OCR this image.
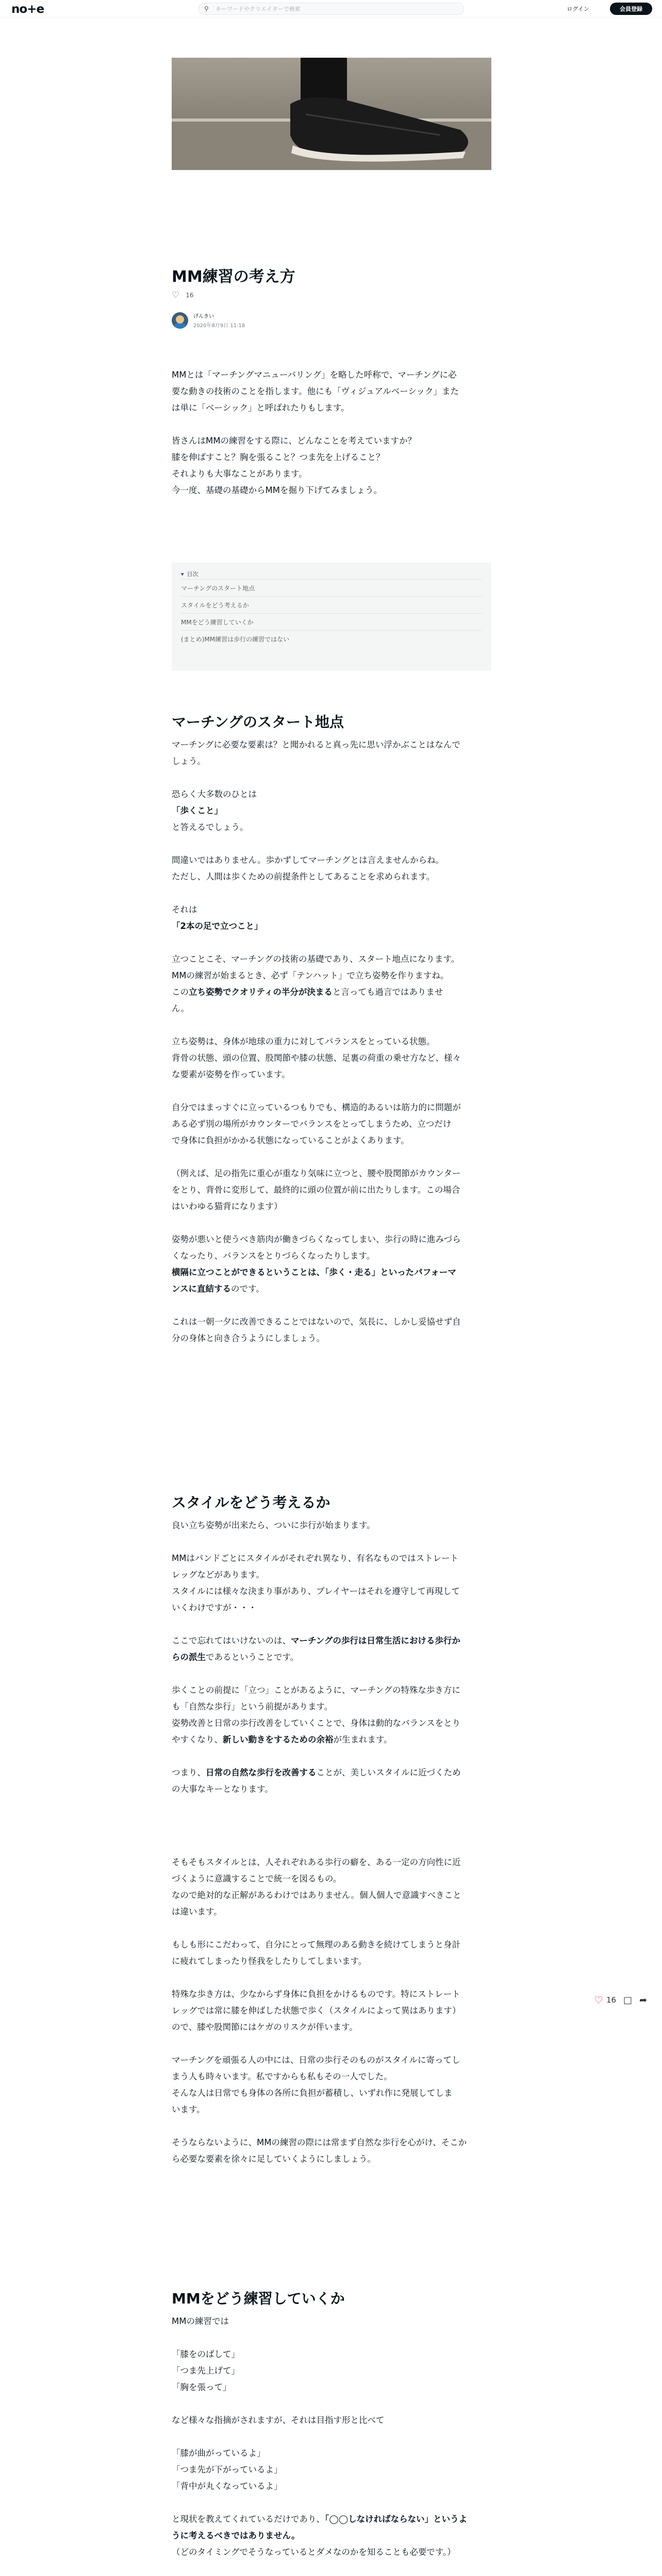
no+e	⚲	キーワードやクリエイターで検索	ログイン	会員登録
MM練習の考え方
♡ 16
げんきい
2020年8月9日 11:18
MMとは「マーチングマニューバリング」を略した呼称で、マーチングに必
要な動きの技術のことを指します。他にも「ヴィジュアルベーシック」また
は単に「ベーシック」と呼ばれたりもします。
皆さんはMMの練習をする際に、どんなことを考えていますか？
膝を伸ばすこと？胸を張ること？つま先を上げること？
それよりも大事なことがあります。
今一度、基礎の基礎からMMを掘り下げてみましょう。
▾ 目次
マーチングのスタート地点
スタイルをどう考えるか
MMをどう練習していくか
(まとめ)MM練習は歩行の練習ではない
マーチングのスタート地点
マーチングに必要な要素は？と聞かれると真っ先に思い浮かぶことはなんで
しょう。
恐らく大多数のひとは
「歩くこと」
と答えるでしょう。
間違いではありません。歩かずしてマーチングとは言えませんからね。
ただし、人間は歩くための前提条件としてあることを求められます。
それは
「2本の足で立つこと」
立つことこそ、マーチングの技術の基礎であり、スタート地点になります。
MMの練習が始まるとき、必ず「テンハット」で立ち姿勢を作りますね。
この立ち姿勢でクオリティの半分が決まると言っても過言ではありませ
ん。
立ち姿勢は、身体が地球の重力に対してバランスをとっている状態。
背骨の状態、頭の位置、股関節や膝の状態、足裏の荷重の乗せ方など、様々
な要素が姿勢を作っています。
自分ではまっすぐに立っているつもりでも、構造的あるいは筋力的に問題が
ある必ず別の場所がカウンターでバランスをとってしまうため、立つだけ
で身体に負担がかかる状態になっていることがよくあります。
（例えば、足の指先に重心が重なり気味に立つと、腰や股関節がカウンター
をとり、背骨に変形して、最終的に頭の位置が前に出たりします。この場合
はいわゆる猫背になります）
姿勢が悪いと使うべき筋肉が働きづらくなってしまい、歩行の時に進みづら
くなったり、バランスをとりづらくなったりします。
横隔に立つことができるということは、「歩く・走る」といったパフォーマ
ンスに直結するのです。
これは一朝一夕に改善できることではないので、気長に、しかし妥協せず自
分の身体と向き合うようにしましょう。
スタイルをどう考えるか
良い立ち姿勢が出来たら、ついに歩行が始まります。
MMはバンドごとにスタイルがそれぞれ異なり、有名なものではストレート
レッグなどがあります。
スタイルには様々な決まり事があり、プレイヤーはそれを遵守して再現して
いくわけですが・・・
ここで忘れてはいけないのは、マーチングの歩行は日常生活における歩行か
らの派生であるということです。
歩くことの前提に「立つ」ことがあるように、マーチングの特殊な歩き方に
も「自然な歩行」という前提があります。
姿勢改善と日常の歩行改善をしていくことで、身体は動的なバランスをとり
やすくなり、新しい動きをするための余裕が生まれます。
つまり、日常の自然な歩行を改善することが、美しいスタイルに近づくため
の大事なキーとなります。
そもそもスタイルとは、人それぞれある歩行の癖を、ある一定の方向性に近
づくように意識することで統一を図るもの。
なので絶対的な正解があるわけではありません。個人個人で意識すべきこと
は違います。
もしも形にこだわって、自分にとって無理のある動きを続けてしまうと身計
に疲れてしまったり怪我をしたりしてしまいます。
特殊な歩き方は、少なからず身体に負担をかけるものです。特にストレート
レッグでは常に膝を伸ばした状態で歩く（スタイルによって異はあります）
ので、膝や股関節にはケガのリスクが伴います。
マーチングを頑張る人の中には、日常の歩行そのものがスタイルに寄ってし
まう人も時々います。私ですからも私もその一人でした。
そんな人は日常でも身体の各所に負担が蓄積し、いずれ作に発展してしま
います。
そうならないように、MMの練習の際には常まず自然な歩行を心がけ、そこか
ら必要な要素を徐々に足していくようにしましょう。
♡ 16 □ ➦
MMをどう練習していくか
MMの練習では
「膝をのばして」
「つま先上げて」
「胸を張って」
など様々な指摘がされますが、それは目指す形と比べて
「膝が曲がっているよ」
「つま先が下がっているよ」
「背中が丸くなっているよ」
と現状を教えてくれているだけであり、「◯◯しなければならない」というよ
うに考えるべきではありません。
（どのタイミングでそうなっているとダメなのかを知ることも必要です。）
